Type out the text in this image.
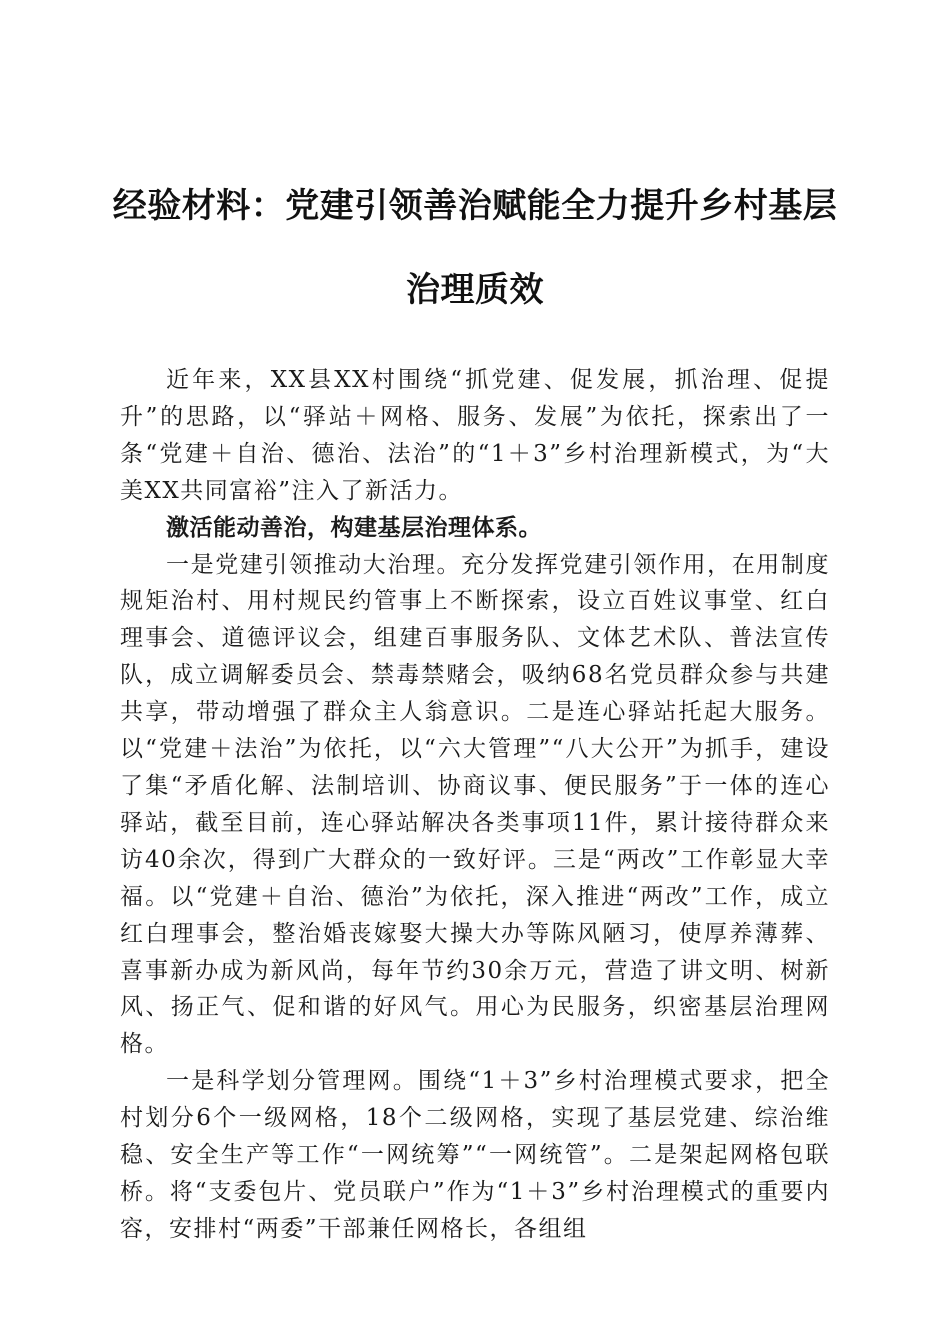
经验材料：党建引领善治赋能全力提升乡村基层治理质效

近年来，XX县XX村围绕“抓党建、促发展，抓治理、促提升”的思路，以“驿站＋网格、服务、发展”为依托，探索出了一条“党建＋自治、德治、法治”的“1＋3”乡村治理新模式，为“大美XX共同富裕”注入了新活力。

激活能动善治，构建基层治理体系。

一是党建引领推动大治理。充分发挥党建引领作用，在用制度规矩治村、用村规民约管事上不断探索，设立百姓议事堂、红白理事会、道德评议会，组建百事服务队、文体艺术队、普法宣传队，成立调解委员会、禁毒禁赌会，吸纳68名党员群众参与共建共享，带动增强了群众主人翁意识。二是连心驿站托起大服务。以“党建＋法治”为依托，以“六大管理”“八大公开”为抓手，建设了集“矛盾化解、法制培训、协商议事、便民服务”于一体的连心驿站，截至目前，连心驿站解决各类事项11件，累计接待群众来访40余次，得到广大群众的一致好评。三是“两改”工作彰显大幸福。以“党建＋自治、德治”为依托，深入推进“两改”工作，成立红白理事会，整治婚丧嫁娶大操大办等陈风陋习，使厚养薄葬、喜事新办成为新风尚，每年节约30余万元，营造了讲文明、树新风、扬正气、促和谐的好风气。用心为民服务，织密基层治理网格。

一是科学划分管理网。围绕“1＋3”乡村治理模式要求，把全村划分6个一级网格，18个二级网格，实现了基层党建、综治维稳、安全生产等工作“一网统筹”“一网统管”。二是架起网格包联桥。将“支委包片、党员联户”作为“1＋3”乡村治理模式的重要内容，安排村“两委”干部兼任网格长，各组组
